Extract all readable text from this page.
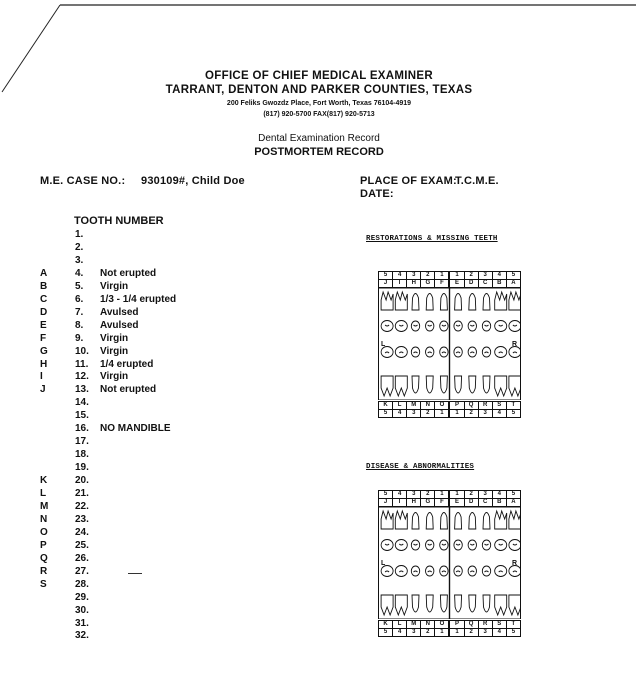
OFFICE OF CHIEF MEDICAL EXAMINER
TARRANT, DENTON AND PARKER COUNTIES, TEXAS
200 Feliks Gwozdz Place, Fort Worth, Texas 76104-4919
(817) 920-5700 FAX(817) 920-5713
Dental Examination Record
POSTMORTEM RECORD
M.E. CASE NO.: 930109#, Child Doe	PLACE OF EXAM:
T.C.M.E.
DATE:
TOOTH NUMBER
1.
2.
3.
A	4. Not erupted
B	5. Virgin
C	6. 1/3 - 1/4 erupted
D	7. Avulsed
E	8. Avulsed
F	9. Virgin
G	10. Virgin
H	11. 1/4 erupted
I	12. Virgin
J	13. Not erupted
14.
15.
16. NO MANDIBLE
17.
18.
19.
K	20.
L	21.
M	22.
N	23.
O	24.
P	25.
Q	26.
R	27.
S	28.
29.
30.
31.
32.
RESTORATIONS & MISSING TEETH
DISEASE & ABNORMALITIES
5	4	3	2	1	1	2	3	4	5
J	I	H	G	F	E	D	C	B	A
L	R
K	L	M	N	O	P	Q	R	S	T
5	4	3	2	1	1	2	3	4	5
5	4	3	2	1	1	2	3	4	5
J	I	H	G	F	E	D	C	B	A
L	R
K	L	M	N	O	P	Q	R	S	T
5	4	3	2	1	1	2	3	4	5
